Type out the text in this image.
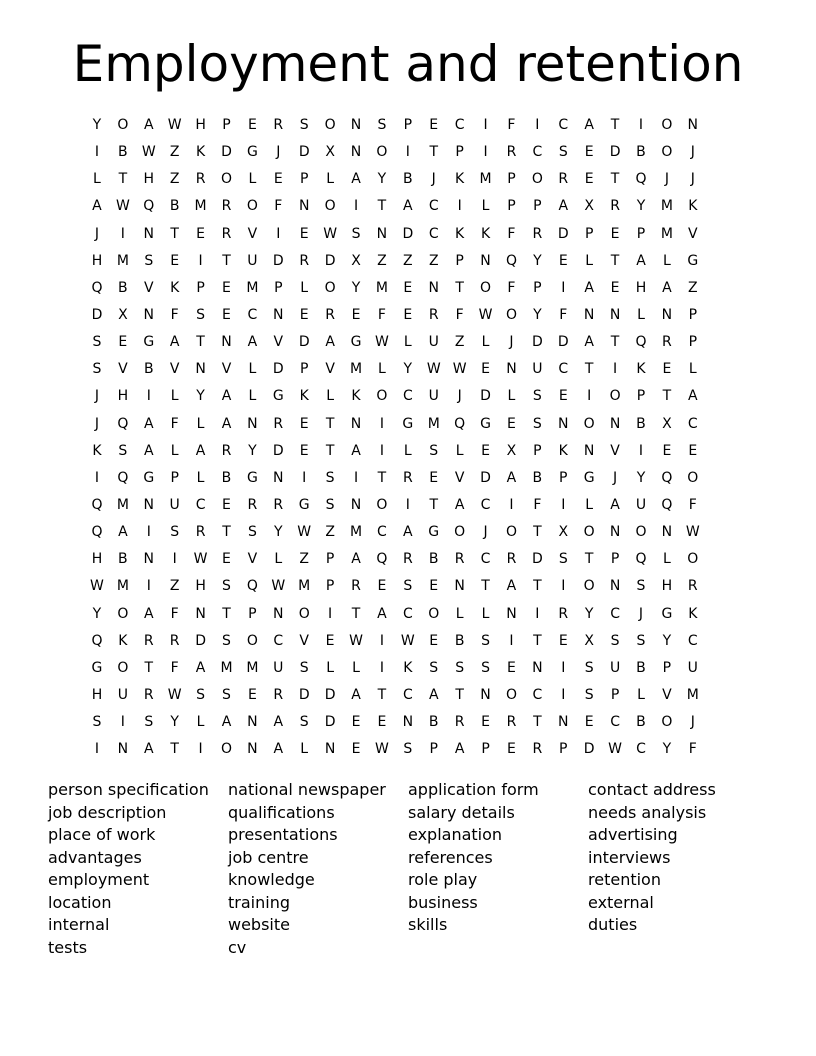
Employment and retention
Y	O	A	W H	P	E	R	S	O	N	S	P	E	C	I	F	I	C	A	T	I	O	N
I	B	W	Z	K	D	G	J	D	X	N	O	I	T	P	I	R	C	S	E	D	B	O	J
L	T	H	Z	R	O	L	E	P	L	A	Y	B	J	K	M	P	O	R	E	T	Q	J	J
A	W Q	B	M	R	O	F	N	O	I	T	A	C	I	L	P	P	A	X	R	Y	M	K
J	I	N	T	E	R	V	I	E	W	S	N	D	C	K	K	F	R	D	P	E	P	M	V
H	M	S	E	I	T	U	D	R	D	X	Z	Z	Z	P	N	Q	Y	E	L	T	A	L	G
Q	B	V	K	P	E	M	P	L	O	Y	M	E	N	T	O	F	P	I	A	E	H	A	Z
D	X	N	F	S	E	C	N	E	R	E	F	E	R	F	W O	Y	F	N	N	L	N	P
S	E	G	A	T	N	A	V	D	A	G W	L	U	Z	L	J	D	D	A	T	Q	R	P
S	V	B	V	N	V	L	D	P	V	M	L	Y	W W	E	N	U	C	T	I	K	E	L
J	H	I	L	Y	A	L	G	K	L	K	O	C	U	J	D	L	S	E	I	O	P	T	A
J	Q	A	F	L	A	N	R	E	T	N	I	G	M	Q	G	E	S	N	O	N	B	X	C
K	S	A	L	A	R	Y	D	E	T	A	I	L	S	L	E	X	P	K	N	V	I	E	E
I	Q	G	P	L	B	G	N	I	S	I	T	R	E	V	D	A	B	P	G	J	Y	Q	O
Q	M	N	U	C	E	R	R	G	S	N	O	I	T	A	C	I	F	I	L	A	U	Q	F
Q	A	I	S	R	T	S	Y	W	Z	M	C	A	G	O	J	O	T	X	O	N	O	N W
H	B	N	I	W	E	V	L	Z	P	A	Q	R	B	R	C	R	D	S	T	P	Q	L	O
W M	I	Z	H	S	Q W M	P	R	E	S	E	N	T	A	T	I	O	N	S	H	R
Y	O	A	F	N	T	P	N	O	I	T	A	C	O	L	L	N	I	R	Y	C	J	G	K
Q	K	R	R	D	S	O	C	V	E	W	I	W	E	B	S	I	T	E	X	S	S	Y	C
G	O	T	F	A	M M	U	S	L	L	I	K	S	S	S	E	N	I	S	U	B	P	U
H	U	R	W	S	S	E	R	D	D	A	T	C	A	T	N	O	C	I	S	P	L	V	M
S	I	S	Y	L	A	N	A	S	D	E	E	N	B	R	E	R	T	N	E	C	B	O	J
I	N	A	T	I	O	N	A	L	N	E	W	S	P	A	P	E	R	P	D W	C	Y	F
person specification
job description
place of work
advantages
employment
location
internal
tests
national newspaper
qualifications
presentations
job centre
knowledge
training
website
cv
application form
salary details
explanation
references
role play
business
skills
contact address
needs analysis
advertising
interviews
retention
external
duties
